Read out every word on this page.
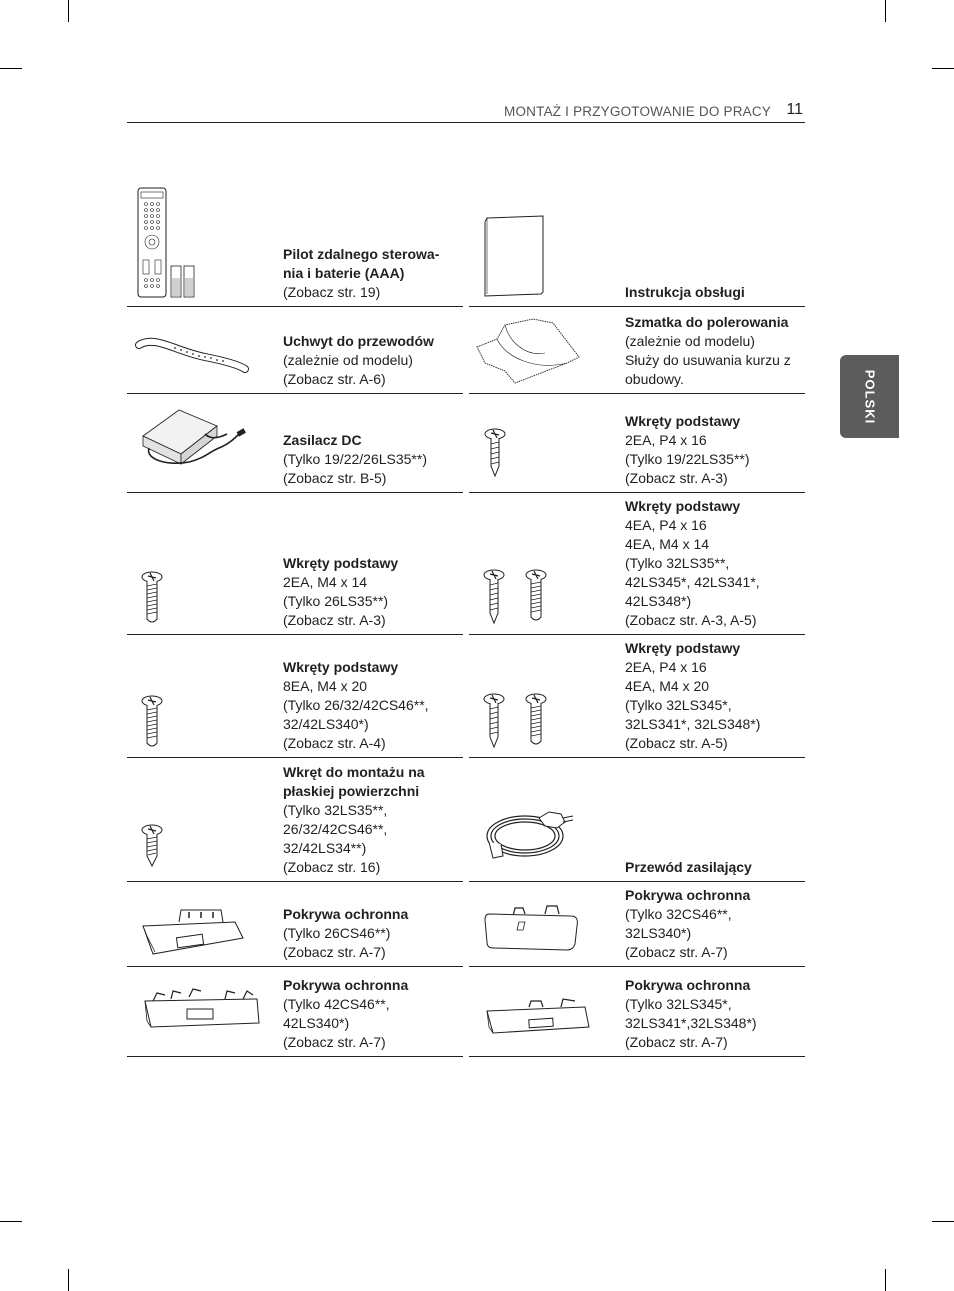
MONTAŻ I PRZYGOTOWANIE DO PRACY 11
POLSKI
Pilot zdalnego sterowa-
nia i baterie (AAA)
(Zobacz str. 19)
Uchwyt do przewodów
(zależnie od modelu)
(Zobacz str. A-6)
Zasilacz DC
(Tylko 19/22/26LS35**)
(Zobacz str. B-5)
Wkręty podstawy
2EA, M4 x 14
(Tylko 26LS35**)
(Zobacz str. A-3)
Wkręty podstawy
8EA, M4 x 20
(Tylko 26/32/42CS46**,
32/42LS340*)
(Zobacz str. A-4)
Wkręt do montażu na
płaskiej powierzchni
(Tylko 32LS35**,
26/32/42CS46**,
32/42LS34**)
(Zobacz str. 16)
Pokrywa ochronna
(Tylko 26CS46**)
(Zobacz str. A-7)
Pokrywa ochronna
(Tylko 42CS46**,
42LS340*)
(Zobacz str. A-7)
Instrukcja obsługi
Szmatka do polerowania
(zależnie od modelu)
Służy do usuwania kurzu z
obudowy.
Wkręty podstawy
2EA, P4 x 16
(Tylko 19/22LS35**)
(Zobacz str. A-3)
Wkręty podstawy
4EA, P4 x 16
4EA, M4 x 14
(Tylko 32LS35**,
42LS345*, 42LS341*,
42LS348*)
(Zobacz str. A-3, A-5)
Wkręty podstawy
2EA, P4 x 16
4EA, M4 x 20
(Tylko 32LS345*,
32LS341*, 32LS348*)
(Zobacz str. A-5)
Przewód zasilający
Pokrywa ochronna
(Tylko 32CS46**,
32LS340*)
(Zobacz str. A-7)
Pokrywa ochronna
(Tylko 32LS345*,
32LS341*,32LS348*)
(Zobacz str. A-7)
